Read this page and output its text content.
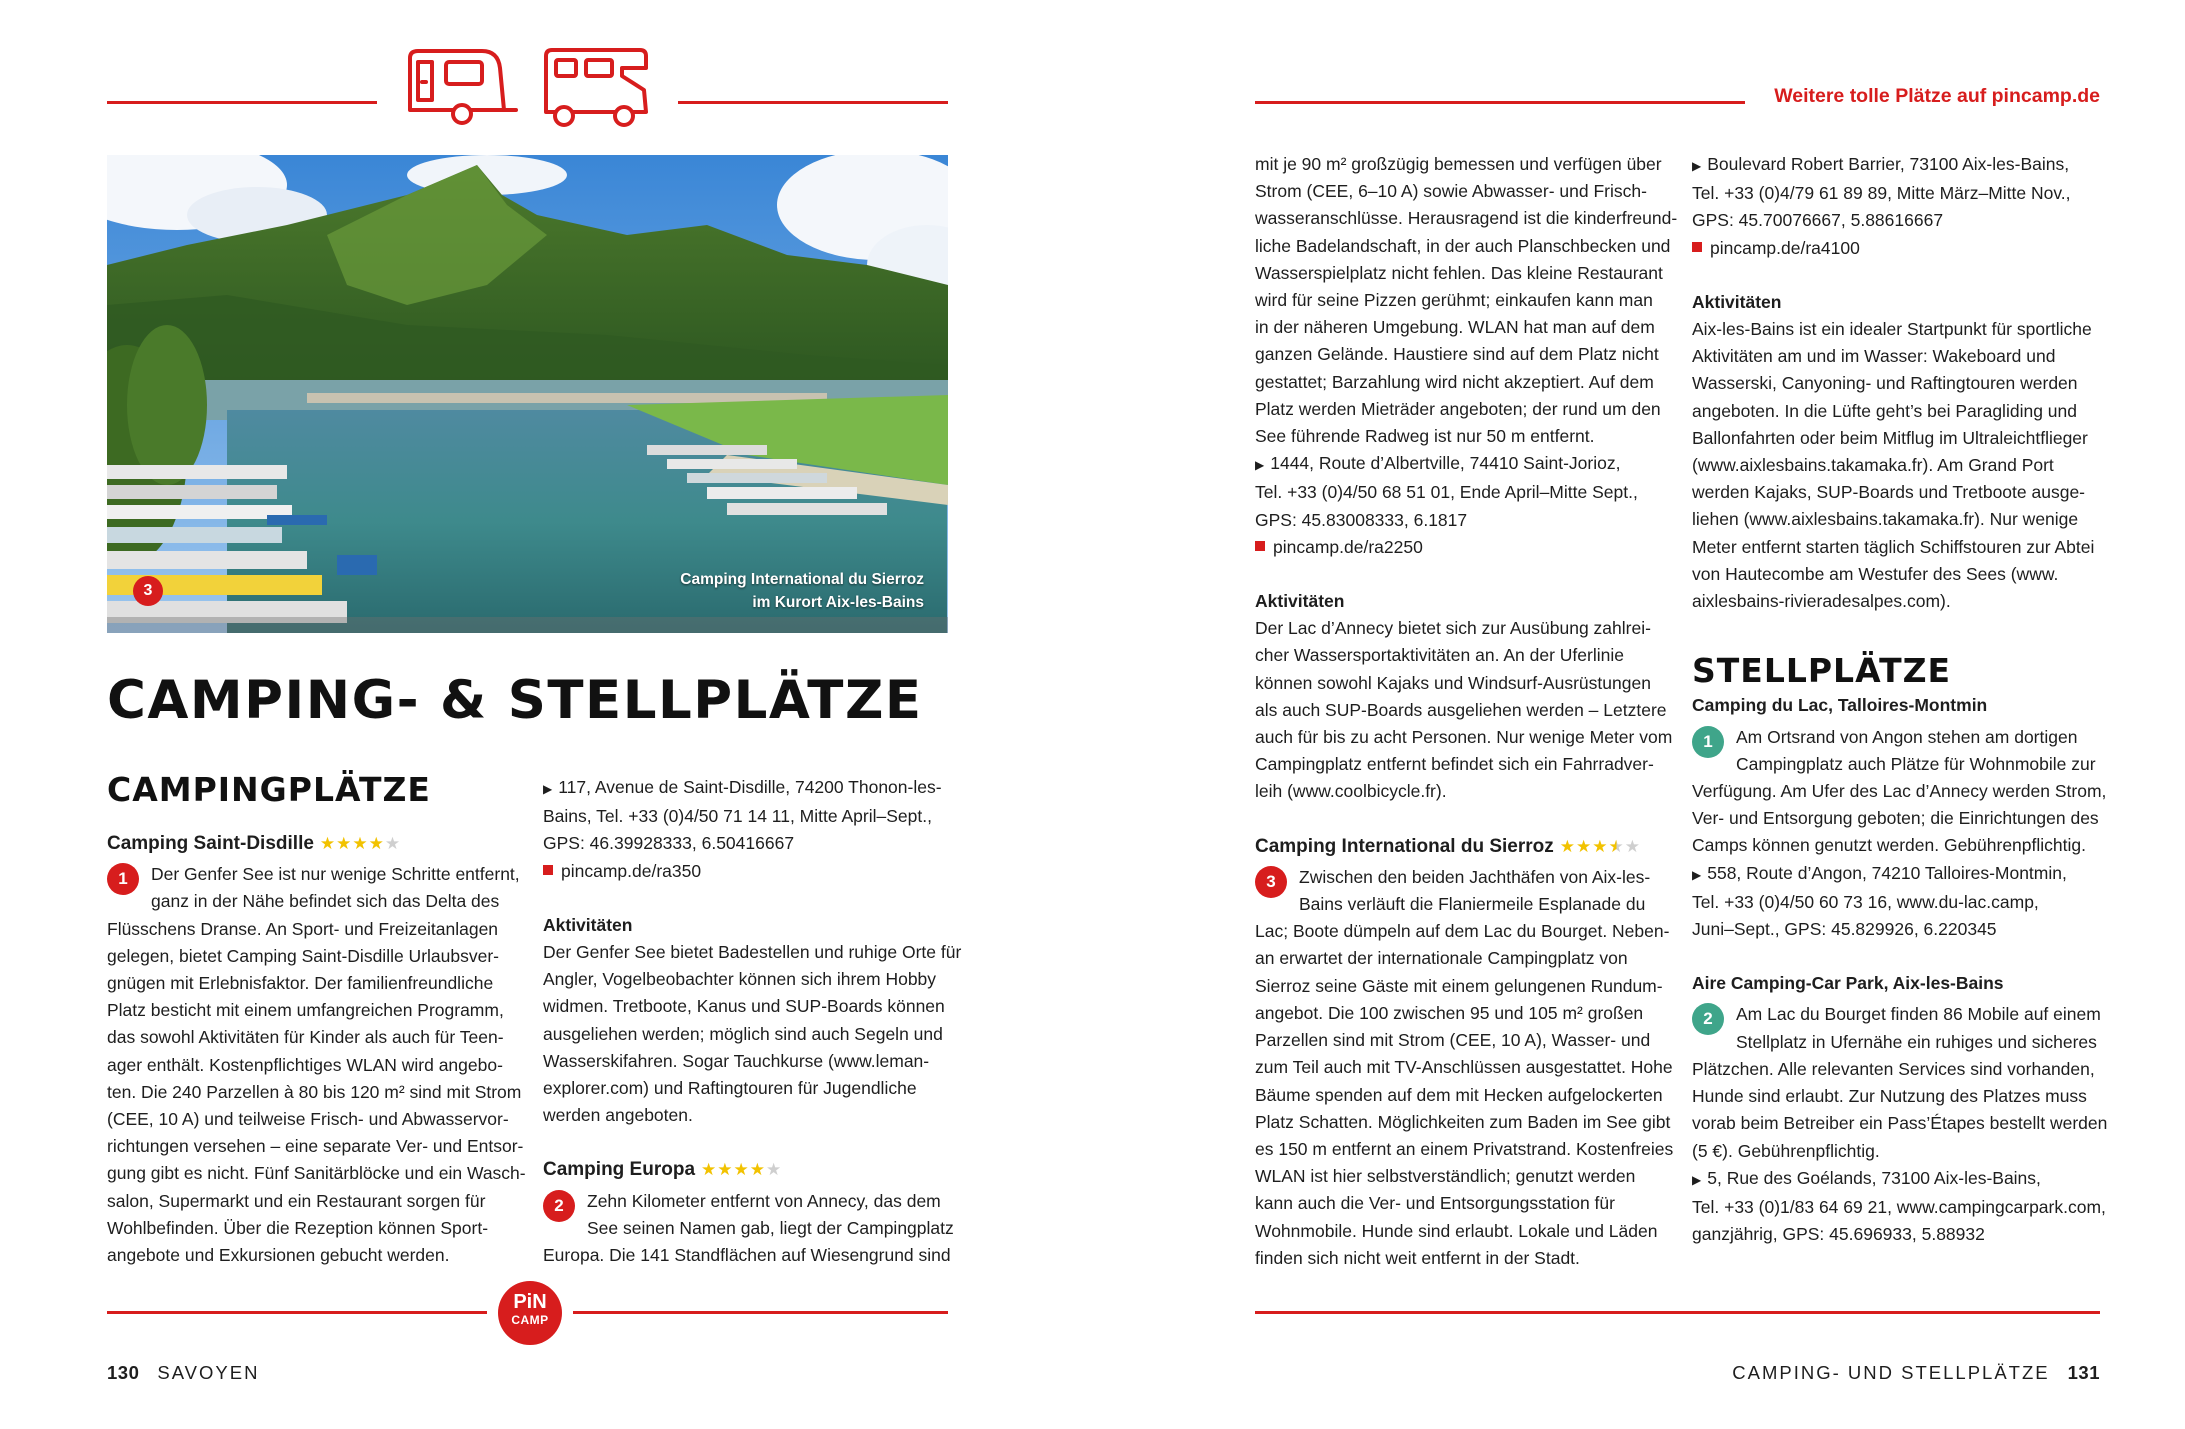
3
Camping International du Sierroz
im Kurort Aix-les-Bains
CAMPING- & STELLPLÄTZE
CAMPINGPLÄTZE
Camping Saint-Disdille ★★★★★
1	Der Genfer See ist nur wenige Schritte entfernt,

ganz in der Nähe befindet sich das Delta des

Flüsschens Dranse. An Sport- und Freizeitanlagen

gelegen, bietet Camping Saint-Disdille Urlaubsver-

gnügen mit Erlebnisfaktor. Der familienfreundliche

Platz besticht mit einem umfangreichen Programm,

das sowohl Aktivitäten für Kinder als auch für Teen-

ager enthält. Kostenpflichtiges WLAN wird angebo-

ten. Die 240 Parzellen à 80 bis 120 m² sind mit Strom

(CEE, 10 A) und teilweise Frisch- und Abwasservor-

richtungen versehen – eine separate Ver- und Entsor-

gung gibt es nicht. Fünf Sanitärblöcke und ein Wasch-

salon, Supermarkt und ein Restaurant sorgen für

Wohlbefinden. Über die Rezeption können Sport-

angebote und Exkursionen gebucht werden.

▶ 117, Avenue de Saint-Disdille, 74200 Thonon-les-

Bains, Tel. +33 (0)4/50 71 14 11, Mitte April–Sept.,

GPS: 46.39928333, 6.50416667

pincamp.de/ra350

Aktivitäten

Der Genfer See bietet Badestellen und ruhige Orte für

Angler, Vogelbeobachter können sich ihrem Hobby

widmen. Tretboote, Kanus und SUP-Boards können

ausgeliehen werden; möglich sind auch Segeln und

Wasserskifahren. Sogar Tauchkurse (www.leman-

explorer.com) und Raftingtouren für Jugendliche

werden angeboten.

Camping Europa ★★★★★
2	Zehn Kilometer entfernt von Annecy, das dem

See seinen Namen gab, liegt der Campingplatz

Europa. Die 141 Standflächen auf Wiesengrund sind

PiN
CAMP
130 SAVOYEN
Weitere tolle Plätze auf pincamp.de

mit je 90 m² großzügig bemessen und verfügen über

Strom (CEE, 6–10 A) sowie Abwasser- und Frisch-

wasseranschlüsse. Herausragend ist die kinderfreund-

liche Badelandschaft, in der auch Planschbecken und

Wasserspielplatz nicht fehlen. Das kleine Restaurant

wird für seine Pizzen gerühmt; einkaufen kann man

in der näheren Umgebung. WLAN hat man auf dem

ganzen Gelände. Haustiere sind auf dem Platz nicht

gestattet; Barzahlung wird nicht akzeptiert. Auf dem

Platz werden Mieträder angeboten; der rund um den

See führende Radweg ist nur 50 m entfernt.

▶ 1444, Route d’Albertville, 74410 Saint-Jorioz,

Tel. +33 (0)4/50 68 51 01, Ende April–Mitte Sept.,

GPS: 45.83008333, 6.1817

pincamp.de/ra2250

Aktivitäten

Der Lac d’Annecy bietet sich zur Ausübung zahlrei-

cher Wassersportaktivitäten an. An der Uferlinie

können sowohl Kajaks und Windsurf-Ausrüstungen

als auch SUP-Boards ausgeliehen werden – Letztere

auch für bis zu acht Personen. Nur wenige Meter vom

Campingplatz entfernt befindet sich ein Fahrradver-

leih (www.coolbicycle.fr).

Camping International du Sierroz ★★★★★
3	Zwischen den beiden Jachthäfen von Aix-les-

Bains verläuft die Flaniermeile Esplanade du

Lac; Boote dümpeln auf dem Lac du Bourget. Neben-

an erwartet der internationale Campingplatz von

Sierroz seine Gäste mit einem gelungenen Rundum-

angebot. Die 100 zwischen 95 und 105 m² großen

Parzellen sind mit Strom (CEE, 10 A), Wasser- und

zum Teil auch mit TV-Anschlüssen ausgestattet. Hohe

Bäume spenden auf dem mit Hecken aufgelockerten

Platz Schatten. Möglichkeiten zum Baden im See gibt

es 150 m entfernt an einem Privatstrand. Kostenfreies

WLAN ist hier selbstverständlich; genutzt werden

kann auch die Ver- und Entsorgungsstation für

Wohnmobile. Hunde sind erlaubt. Lokale und Läden

finden sich nicht weit entfernt in der Stadt.

▶ Boulevard Robert Barrier, 73100 Aix-les-Bains,

Tel. +33 (0)4/79 61 89 89, Mitte März–Mitte Nov.,

GPS: 45.70076667, 5.88616667

pincamp.de/ra4100

Aktivitäten

Aix-les-Bains ist ein idealer Startpunkt für sportliche

Aktivitäten am und im Wasser: Wakeboard und

Wasserski, Canyoning- und Raftingtouren werden

angeboten. In die Lüfte geht’s bei Paragliding und

Ballonfahrten oder beim Mitflug im Ultraleichtflieger

(www.aixlesbains.takamaka.fr). Am Grand Port

werden Kajaks, SUP-Boards und Tretboote ausge-

liehen (www.aixlesbains.takamaka.fr). Nur wenige

Meter entfernt starten täglich Schiffstouren zur Abtei

von Hautecombe am Westufer des Sees (www.

aixlesbains-rivieradesalpes.com).

STELLPLÄTZE

Camping du Lac, Talloires-Montmin

1	Am Ortsrand von Angon stehen am dortigen

Campingplatz auch Plätze für Wohnmobile zur

Verfügung. Am Ufer des Lac d’Annecy werden Strom,

Ver- und Entsorgung geboten; die Einrichtungen des

Camps können genutzt werden. Gebührenpflichtig.

▶ 558, Route d’Angon, 74210 Talloires-Montmin,

Tel. +33 (0)4/50 60 73 16, www.du-lac.camp,

Juni–Sept., GPS: 45.829926, 6.220345

Aire Camping-Car Park, Aix-les-Bains

2	Am Lac du Bourget finden 86 Mobile auf einem

Stellplatz in Ufernähe ein ruhiges und sicheres

Plätzchen. Alle relevanten Services sind vorhanden,

Hunde sind erlaubt. Zur Nutzung des Platzes muss

vorab beim Betreiber ein Pass’Étapes bestellt werden

(5 €). Gebührenpflichtig.

▶ 5, Rue des Goélands, 73100 Aix-les-Bains,

Tel. +33 (0)1/83 64 69 21, www.campingcarpark.com,

ganzjährig, GPS: 45.696933, 5.88932

CAMPING- UND STELLPLÄTZE 131
